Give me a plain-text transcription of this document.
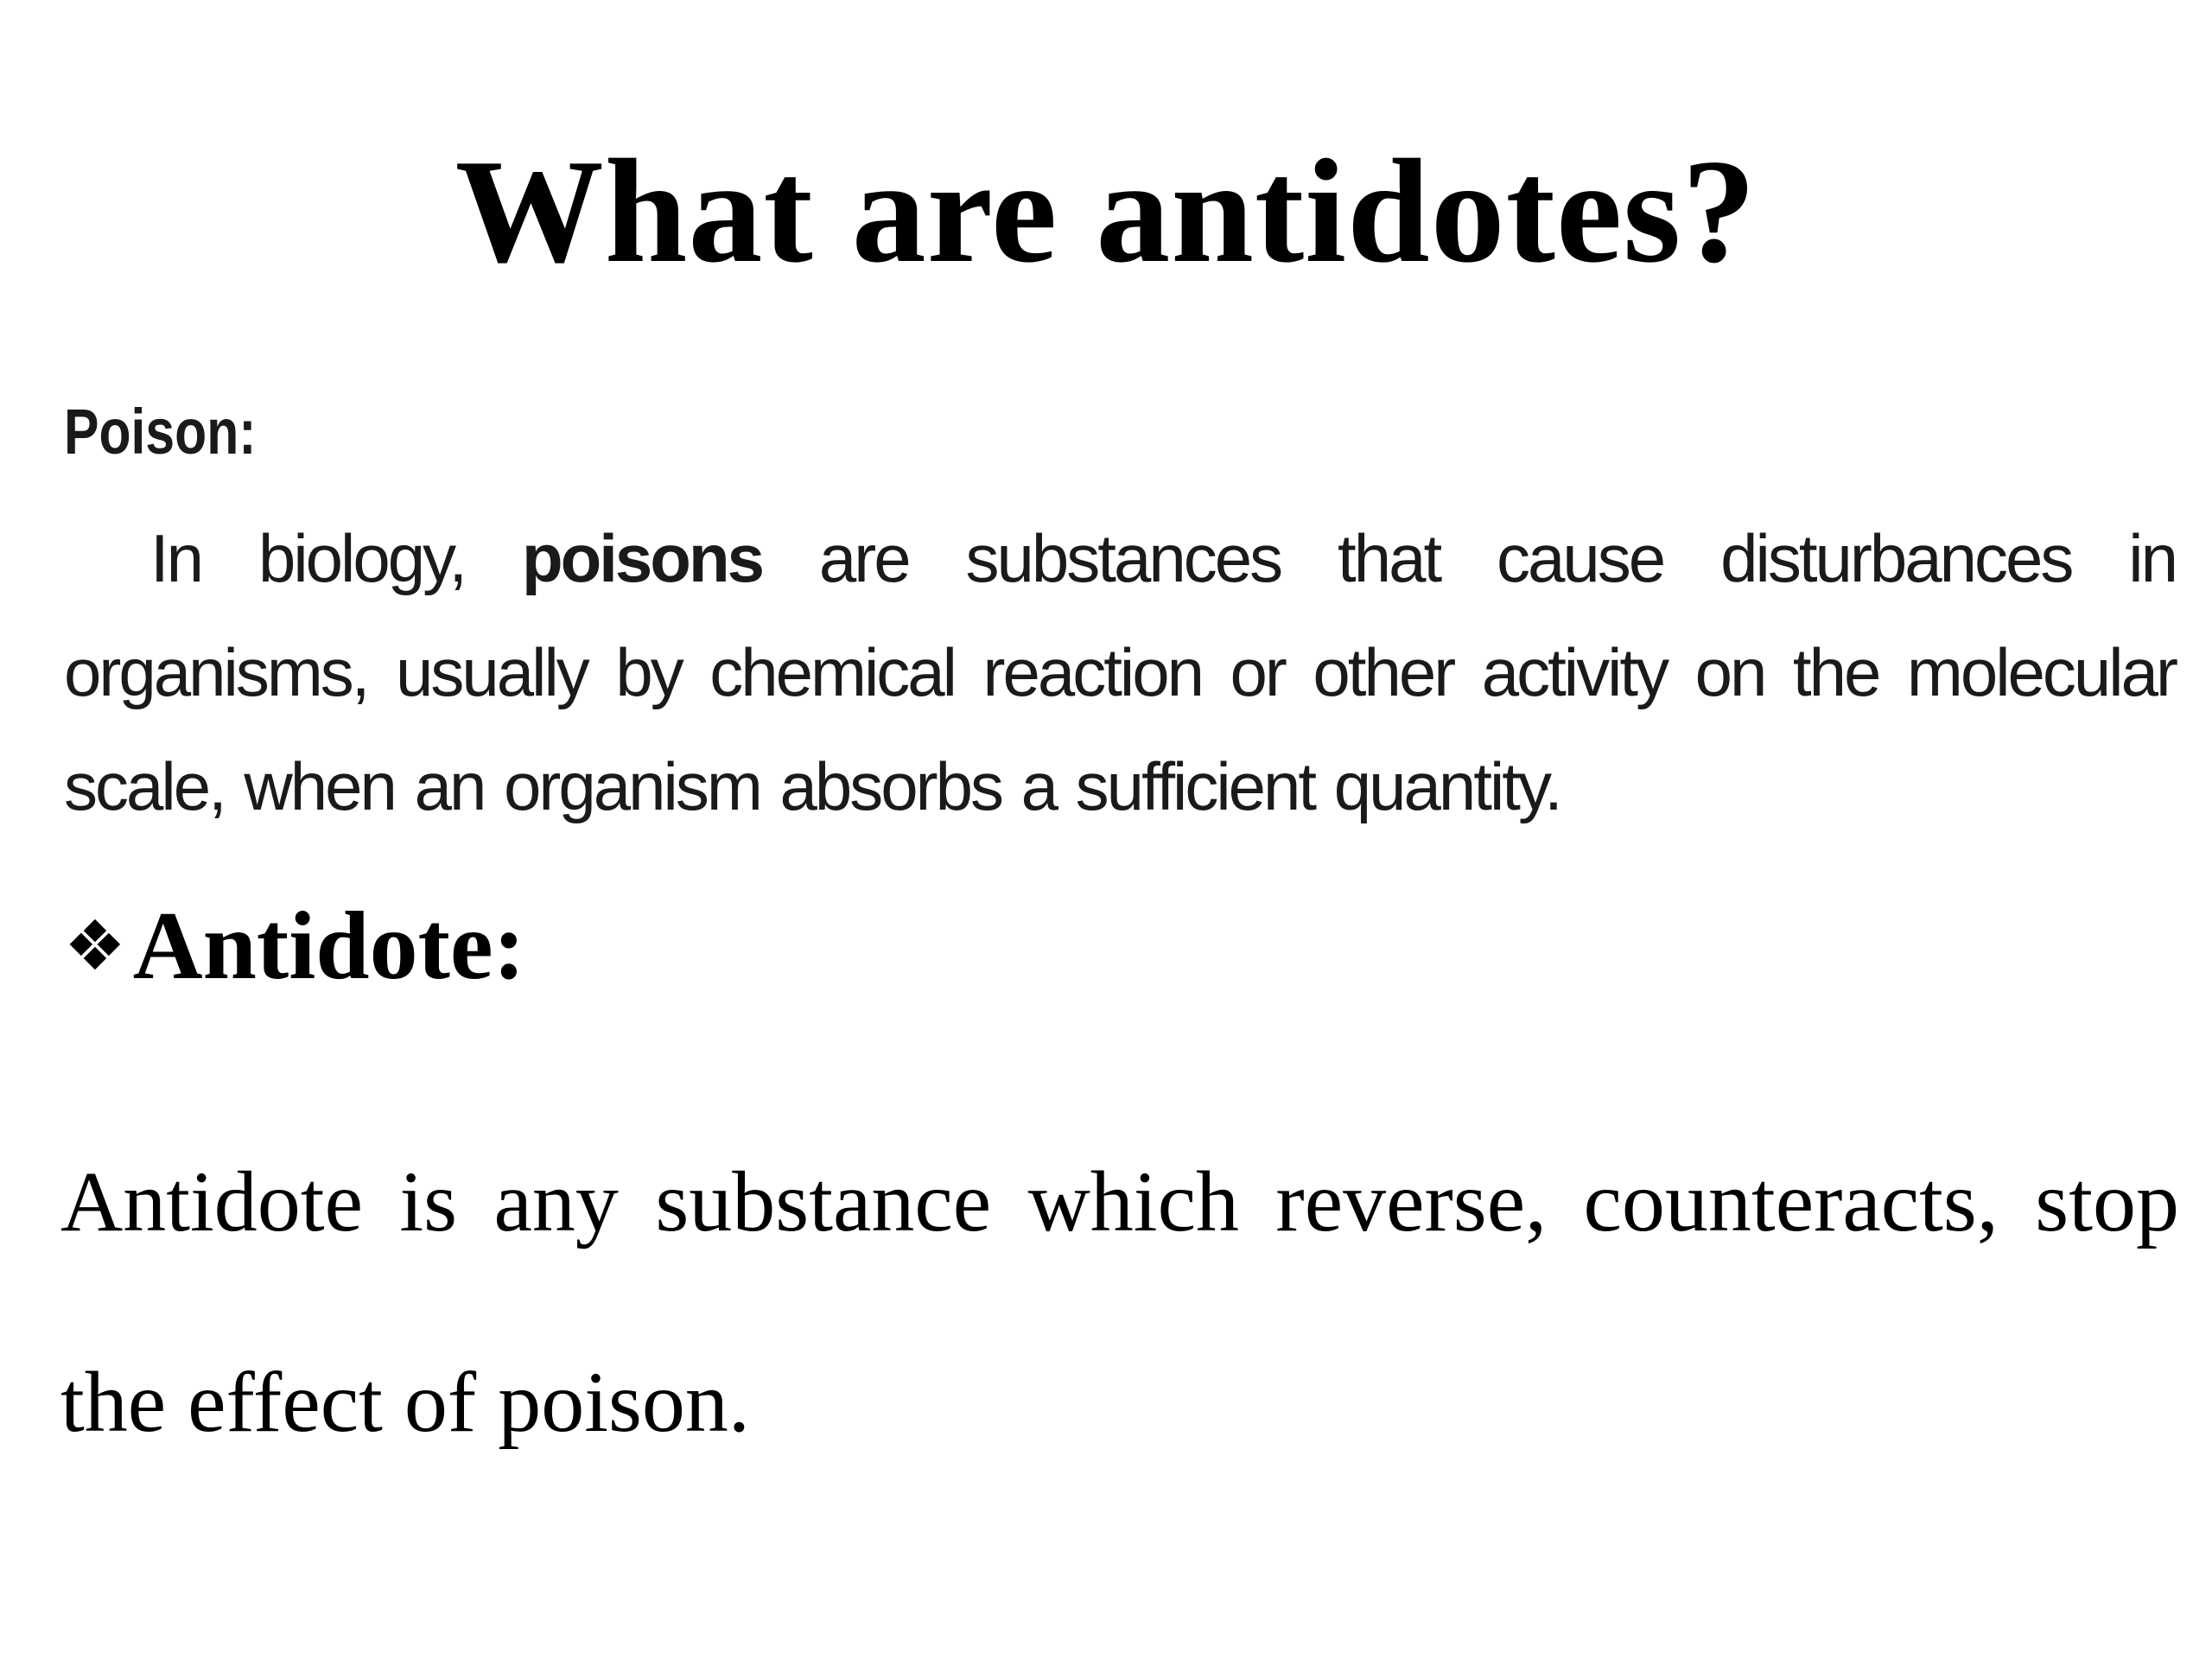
What are antidotes?
Poison:

In biology, poisons are substances that cause disturbances in organisms, usually by chemical reaction or other activity on the molecular scale, when an organism absorbs a sufficient quantity.

❖ Antidote:

Antidote is any substance which reverse, counteracts, stop the effect of poison.
